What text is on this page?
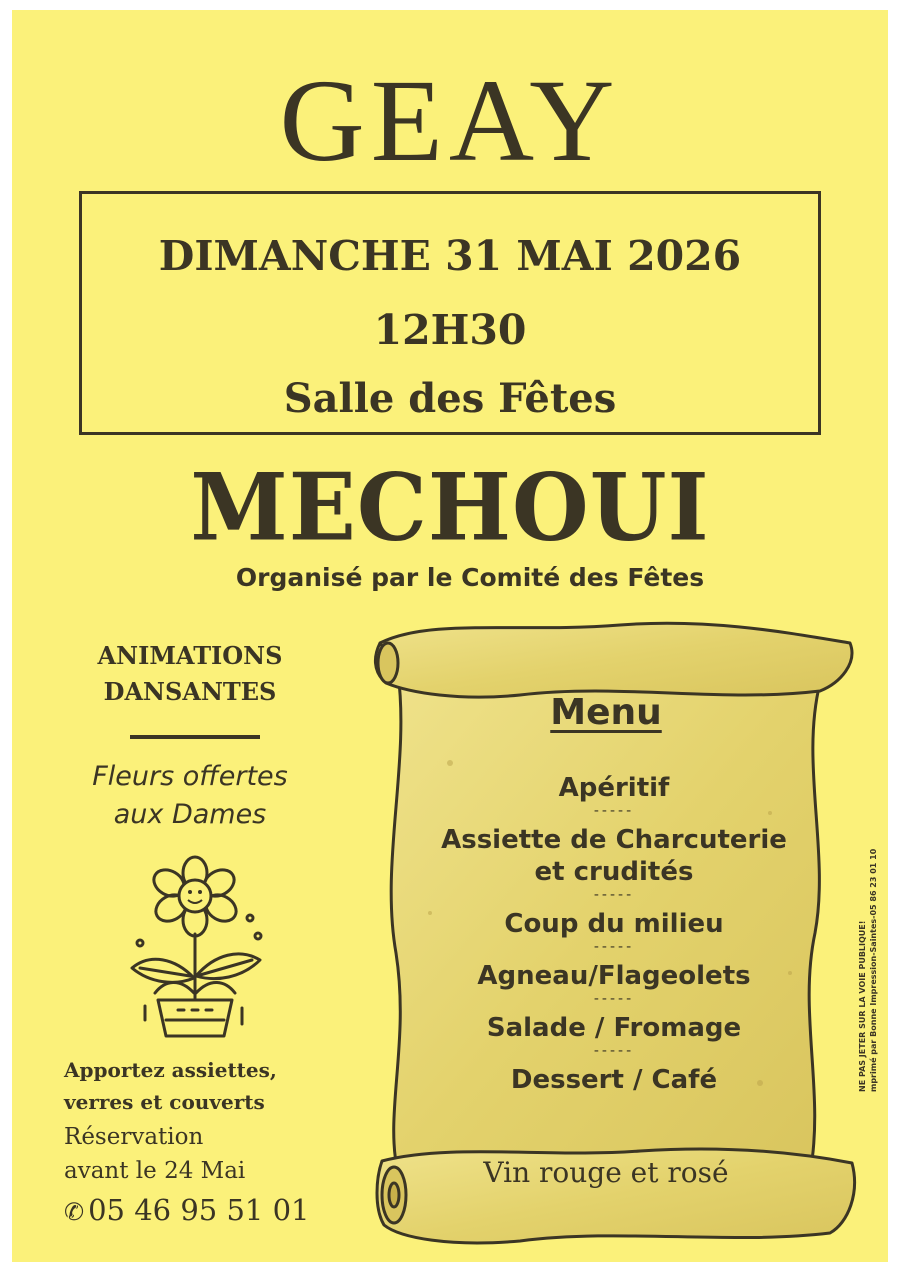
GEAY
DIMANCHE 31 MAI 2026
12H30
Salle des Fêtes
MECHOUI
Organisé par le Comité des Fêtes
ANIMATIONS
DANSANTES
Fleurs offertes
aux Dames
Apportez assiettes,
verres et couverts
Réservation
avant le 24 Mai
✆ 05 46 95 51 01
Menu
Apéritif
-----
Assiette de Charcuterie
et crudités
-----
Coup du milieu
-----
Agneau/Flageolets
-----
Salade / Fromage
-----
Dessert / Café
Vin rouge et rosé
NE PAS JETER SUR LA VOIE PUBLIQUE! mprimé par Bonne Impression-Saintes-05 86 23 01 10
